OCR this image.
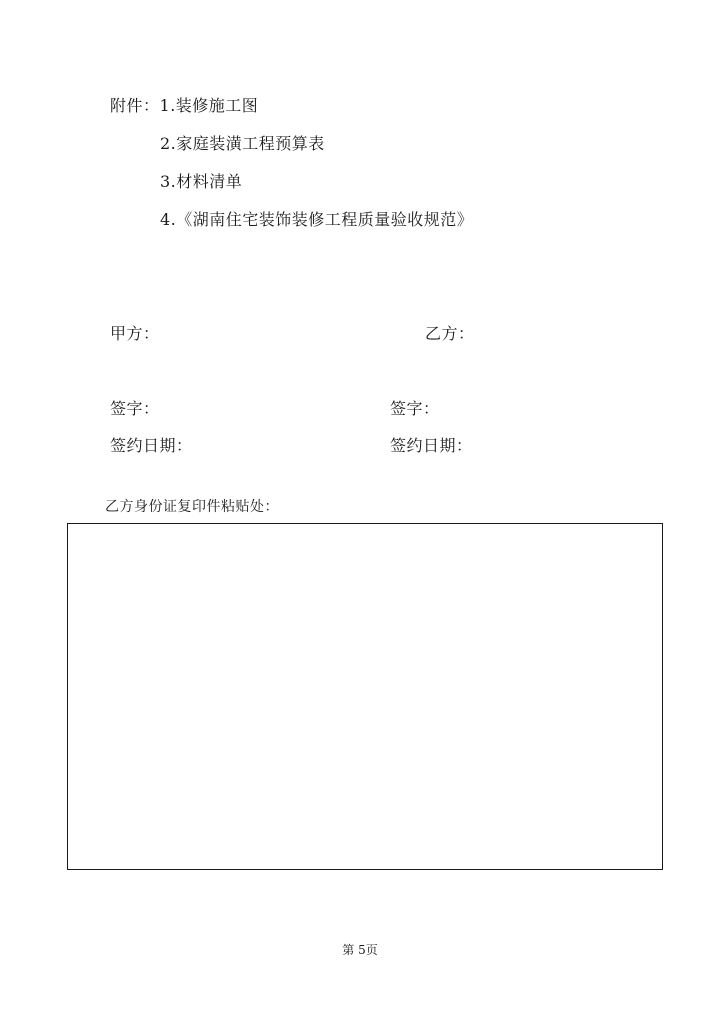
附件：1.装修施工图
2.家庭装潢工程预算表
3.材料清单
4.《湖南住宅装饰装修工程质量验收规范》
甲方：	乙方：
签字：	签字：
签约日期：	签约日期：
乙方身份证复印件粘贴处：
第 5页
